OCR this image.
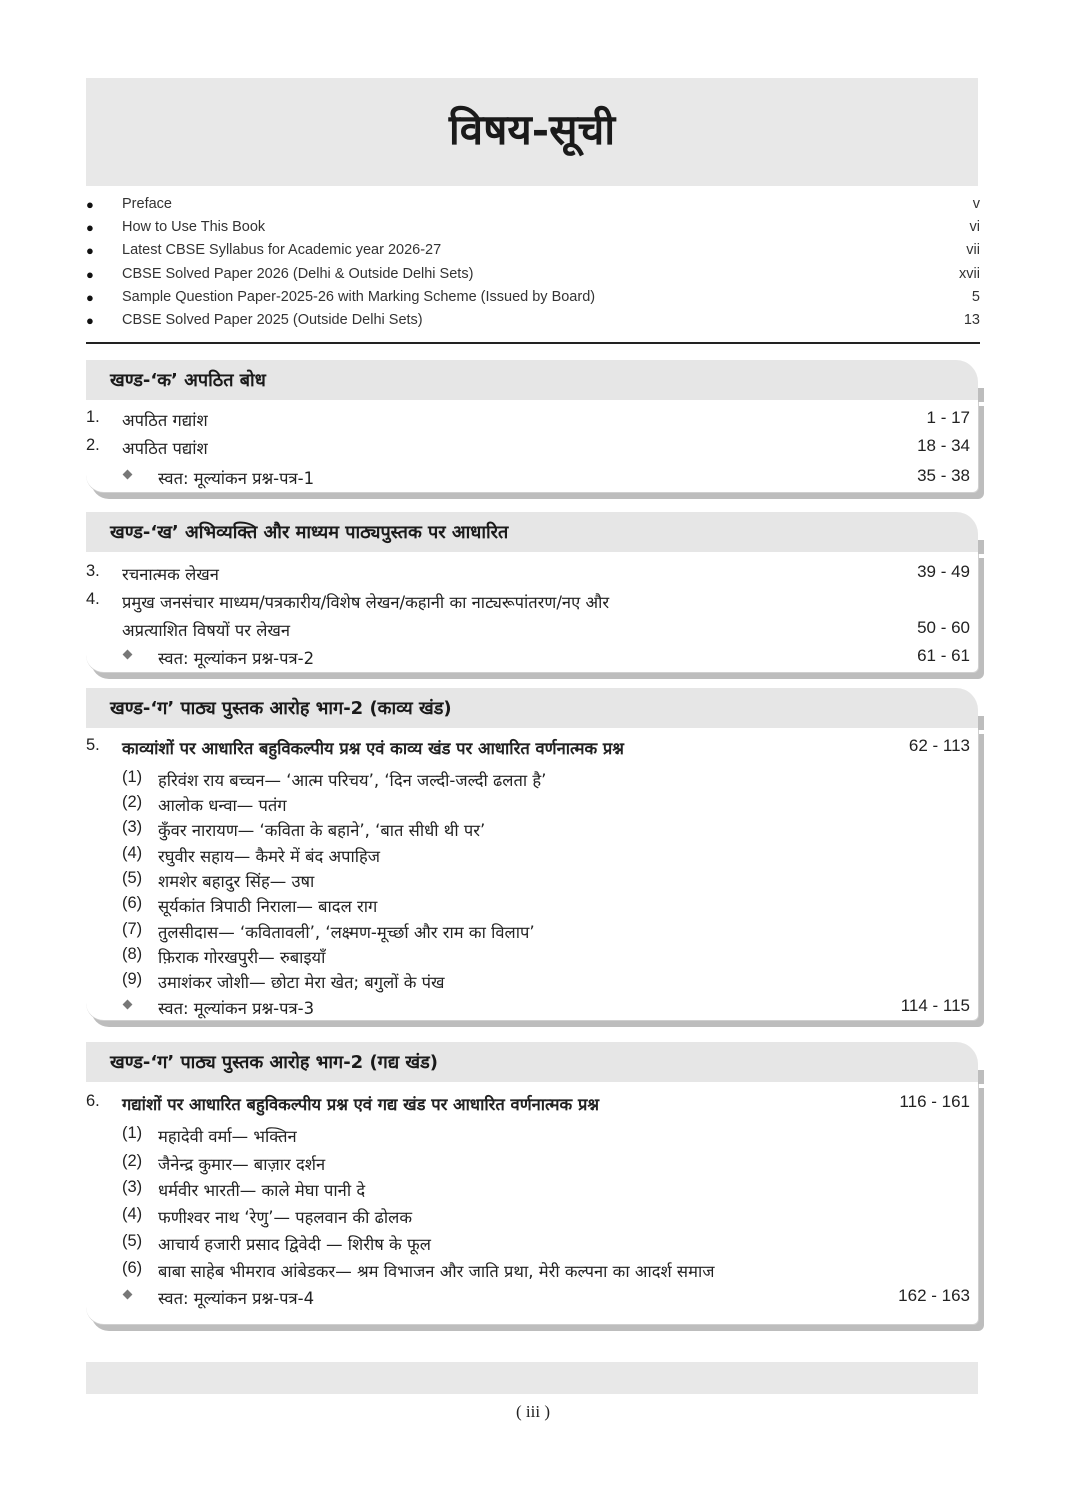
विषय-सूची
● Preface	v
● How to Use This Book	vi
● Latest CBSE Syllabus for Academic year 2026-27	vii
● CBSE Solved Paper 2026 (Delhi & Outside Delhi Sets)	xvii
● Sample Question Paper-2025-26 with Marking Scheme (Issued by Board)	5
● CBSE Solved Paper 2025 (Outside Delhi Sets)	13
खण्ड-‘क’ अपठित बोध
1. अपठित गद्यांश	1 - 17
2. अपठित पद्यांश	18 - 34
स्वत: मूल्यांकन प्रश्न-पत्र-1	35 - 38
खण्ड-‘ख’ अभिव्यक्ति और माध्यम पाठ्यपुस्तक पर आधारित
3. रचनात्मक लेखन	39 - 49
4. प्रमुख जनसंचार माध्यम/पत्रकारीय/विशेष लेखन/कहानी का नाट्यरूपांतरण/नए और
अप्रत्याशित विषयों पर लेखन	50 - 60
स्वत: मूल्यांकन प्रश्न-पत्र-2	61 - 61
खण्ड-‘ग’ पाठ्य पुस्तक आरोह भाग-2 (काव्य खंड)
5. काव्यांशों पर आधारित बहुविकल्पीय प्रश्न एवं काव्य खंड पर आधारित वर्णनात्मक प्रश्न	62 - 113
(1) हरिवंश राय बच्चन— ‘आत्म परिचय’, ‘दिन जल्दी-जल्दी ढलता है’
(2) आलोक धन्वा— पतंग
(3) कुँवर नारायण— ‘कविता के बहाने’, ‘बात सीधी थी पर’
(4) रघुवीर सहाय— कैमरे में बंद अपाहिज
(5) शमशेर बहादुर सिंह— उषा
(6) सूर्यकांत त्रिपाठी निराला— बादल राग
(7) तुलसीदास— ‘कवितावली’, ‘लक्ष्मण-मूर्च्छा और राम का विलाप’
(8) फ़िराक गोरखपुरी— रुबाइयाँ
(9) उमाशंकर जोशी— छोटा मेरा खेत; बगुलों के पंख
स्वत: मूल्यांकन प्रश्न-पत्र-3	114 - 115
खण्ड-‘ग’ पाठ्य पुस्तक आरोह भाग-2 (गद्य खंड)
6. गद्यांशों पर आधारित बहुविकल्पीय प्रश्न एवं गद्य खंड पर आधारित वर्णनात्मक प्रश्न	116 - 161
(1) महादेवी वर्मा— भक्तिन
(2) जैनेन्द्र कुमार— बाज़ार दर्शन
(3) धर्मवीर भारती— काले मेघा पानी दे
(4) फणीश्वर नाथ ‘रेणु’— पहलवान की ढोलक
(5) आचार्य हजारी प्रसाद द्विवेदी — शिरीष के फूल
(6) बाबा साहेब भीमराव आंबेडकर— श्रम विभाजन और जाति प्रथा, मेरी कल्पना का आदर्श समाज
स्वत: मूल्यांकन प्रश्न-पत्र-4	162 - 163
( iii )
